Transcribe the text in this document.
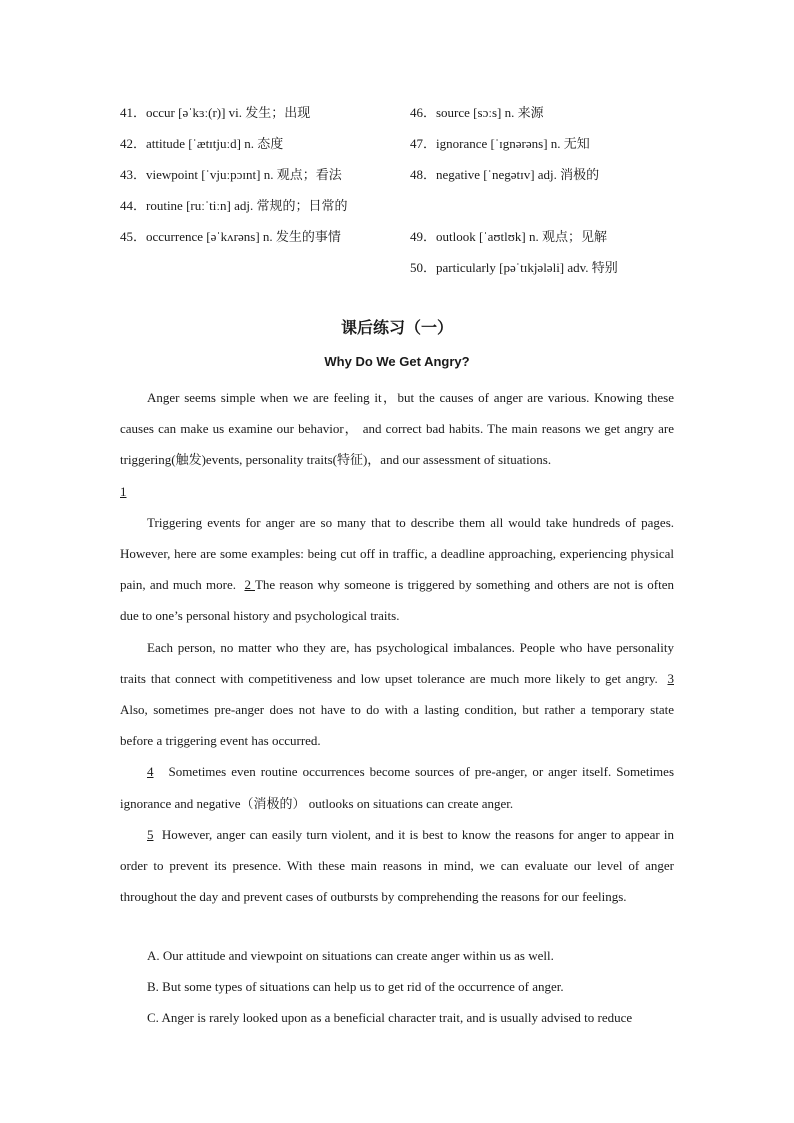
41．occur [əˈkɜː(r)] vi. 发生；出现	46．source [sɔːs] n. 来源
42．attitude [ˈætɪtjuːd] n. 态度	47．ignorance [ˈɪgnərəns] n. 无知
43．viewpoint [ˈvjuːpɔɪnt] n. 观点；看法	48．negative [ˈnegətɪv] adj. 消极的
44．routine [ruːˈtiːn] adj. 常规的；日常的
45．occurrence [əˈkʌrəns] n. 发生的事情	49．outlook [ˈaʊtlʊk] n. 观点；见解
50．particularly [pəˈtɪkjələli] adv. 特别
课后练习（一）
Why Do We Get Angry?

Anger seems simple when we are feeling it，but the causes of anger are various. Knowing these causes can make us examine our behavior， and correct bad habits. The main reasons we get angry are triggering(触发)events, personality traits(特征)，and our assessment of situations.
1

Triggering events for anger are so many that to describe them all would take hundreds of pages. However, here are some examples: being cut off in traffic, a deadline approaching, experiencing physical pain, and much more.  2 The reason why someone is triggered by something and others are not is often due to one’s personal history and psychological traits.

Each person, no matter who they are, has psychological imbalances. People who have personality traits that connect with competitiveness and low upset tolerance are much more likely to get angry.  3 Also, sometimes pre-anger does not have to do with a lasting condition, but rather a temporary state before a triggering event has occurred.

4 Sometimes even routine occurrences become sources of pre-anger, or anger itself. Sometimes ignorance and negative（消极的） outlooks on situations can create anger.

5 However, anger can easily turn violent, and it is best to know the reasons for anger to appear in order to prevent its presence. With these main reasons in mind, we can evaluate our level of anger throughout the day and prevent cases of outbursts by comprehending the reasons for our feelings.

A. Our attitude and viewpoint on situations can create anger within us as well.

B. But some types of situations can help us to get rid of the occurrence of anger.

C. Anger is rarely looked upon as a beneficial character trait, and is usually advised to reduce
